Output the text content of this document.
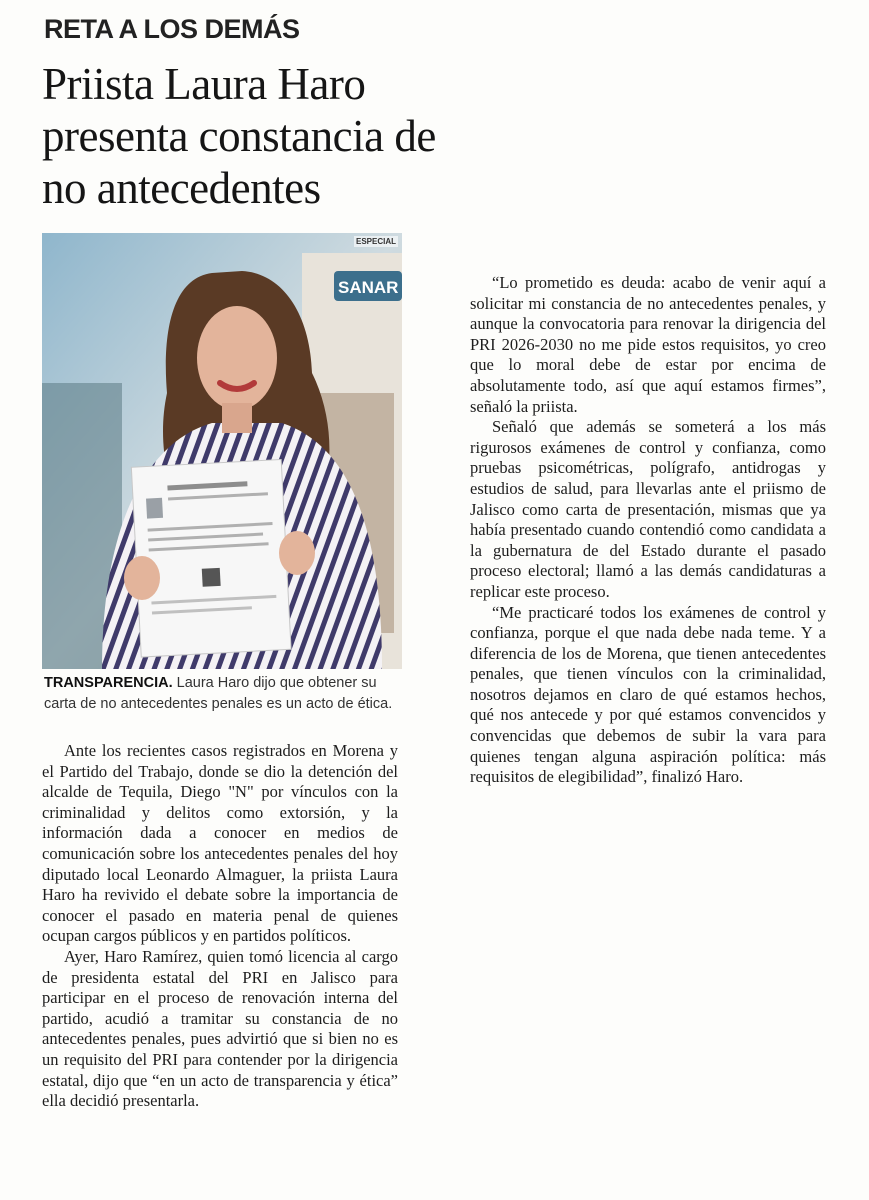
RETA A LOS DEMÁS
Priista Laura Haro presenta constancia de no antecedentes
SANAR
ESPECIAL

TRANSPARENCIA. Laura Haro dijo que obtener su carta de no antecedentes penales es un acto de ética.

Ante los recientes casos registrados en Morena y el Partido del Trabajo, donde se dio la detención del alcalde de Tequila, Diego "N" por vínculos con la criminalidad y delitos como extorsión, y la información dada a conocer en medios de comunicación sobre los antecedentes penales del hoy diputado local Leonardo Almaguer, la priista Laura Haro ha revivido el debate sobre la importancia de conocer el pasado en materia penal de quienes ocupan cargos públicos y en partidos políticos.

Ayer, Haro Ramírez, quien tomó licencia al cargo de presidenta estatal del PRI en Jalisco para participar en el proceso de renovación interna del partido, acudió a tramitar su constancia de no antecedentes penales, pues advirtió que si bien no es un requisito del PRI para contender por la dirigencia estatal, dijo que “en un acto de transparencia y ética” ella decidió presentarla.

“Lo prometido es deuda: acabo de venir aquí a solicitar mi constancia de no antecedentes penales, y aunque la convocatoria para renovar la dirigencia del PRI 2026-2030 no me pide estos requisitos, yo creo que lo moral debe de estar por encima de absolutamente todo, así que aquí estamos firmes”, señaló la priista.

Señaló que además se someterá a los más rigurosos exámenes de control y confianza, como pruebas psicométricas, polígrafo, antidrogas y estudios de salud, para llevarlas ante el priismo de Jalisco como carta de presentación, mismas que ya había presentado cuando contendió como candidata a la gubernatura de del Estado durante el pasado proceso electoral; llamó a las demás candidaturas a replicar este proceso.

“Me practicaré todos los exámenes de control y confianza, porque el que nada debe nada teme. Y a diferencia de los de Morena, que tienen antecedentes penales, que tienen vínculos con la criminalidad, nosotros dejamos en claro de qué estamos hechos, qué nos antecede y por qué estamos convencidos y convencidas que debemos de subir la vara para quienes tengan alguna aspiración política: más requisitos de elegibilidad”, finalizó Haro.
